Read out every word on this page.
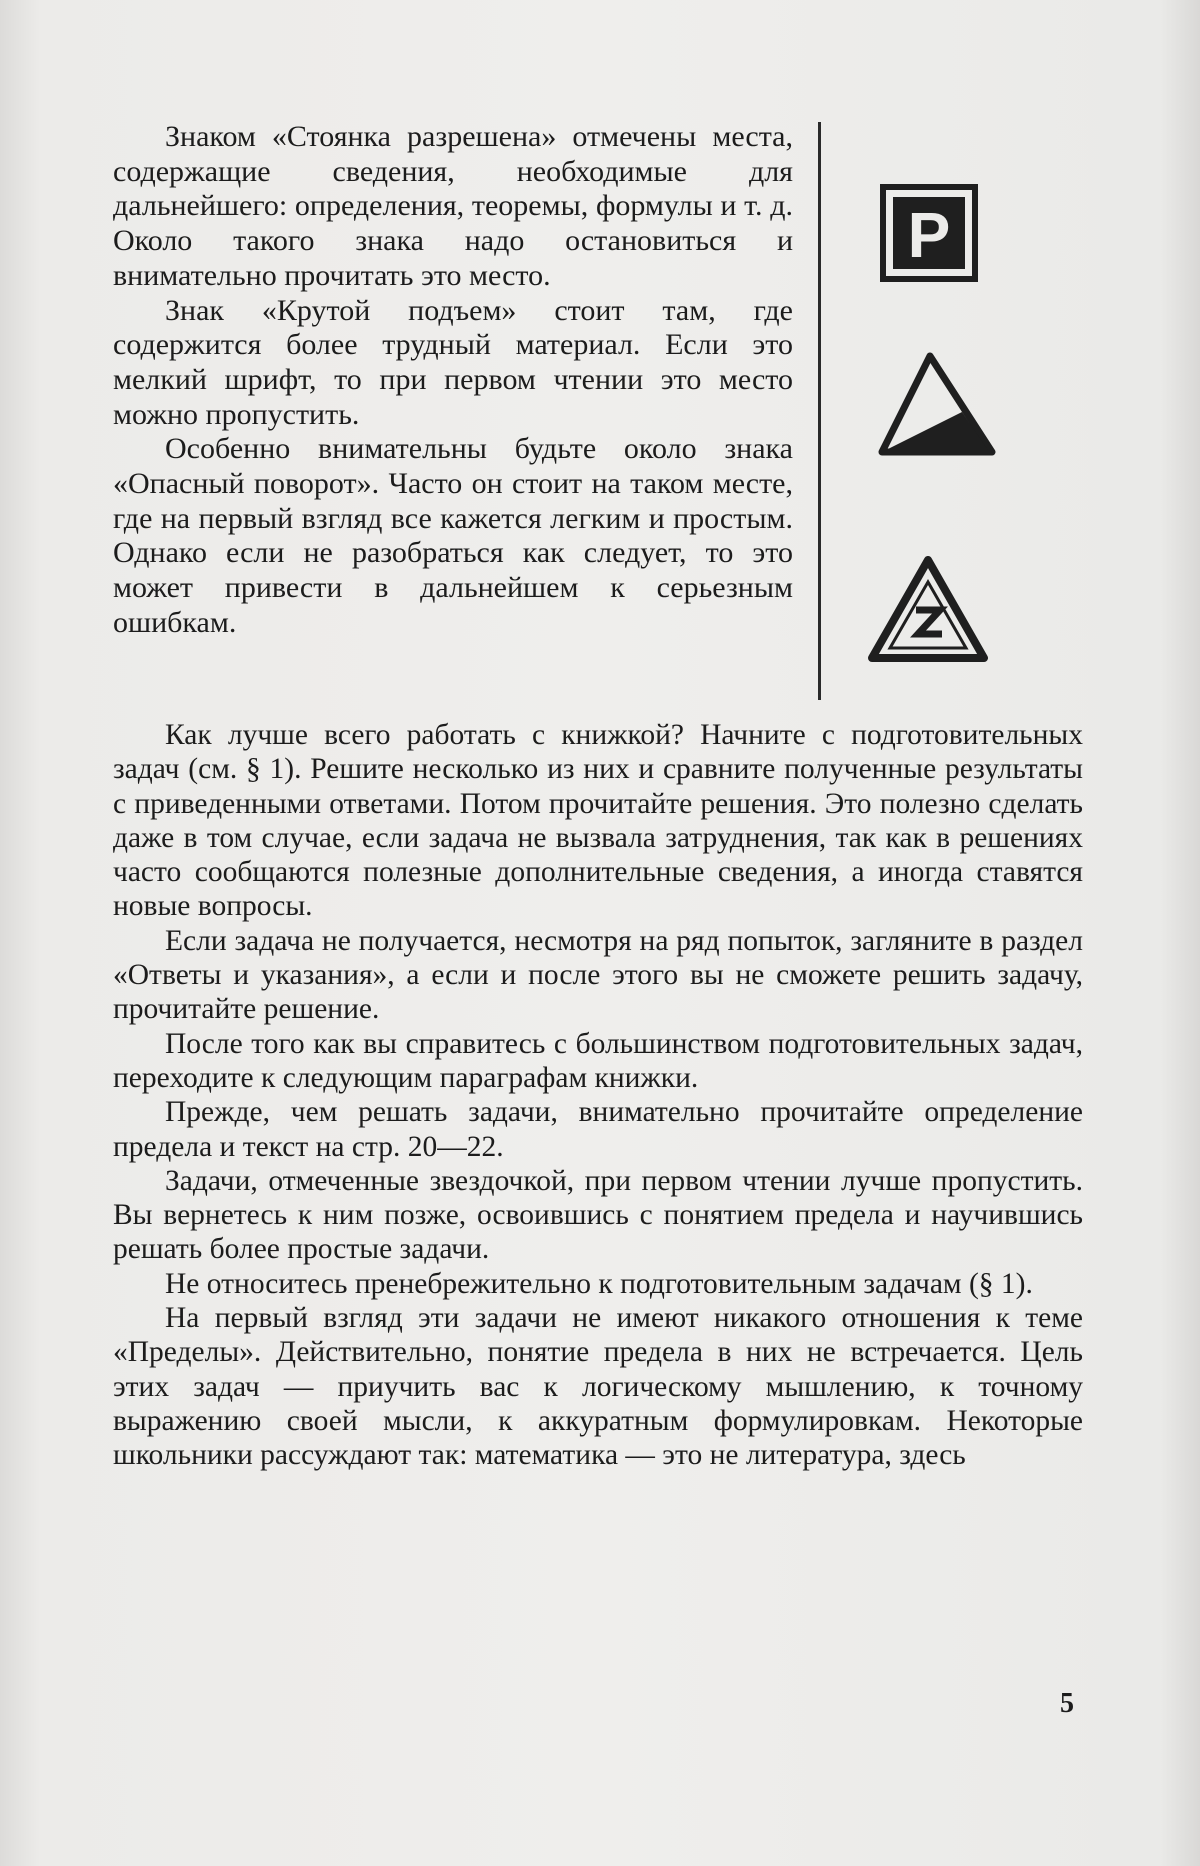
Знаком «Стоянка разрешена» отмечены места, содержащие сведения, необходимые для дальнейшего: определения, теоремы, формулы и т. д. Около такого знака надо остановиться и внимательно прочитать это место.

Знак «Крутой подъем» стоит там, где содержится более трудный материал. Если это мелкий шрифт, то при первом чтении это место можно пропустить.

Особенно внимательны будьте около знака «Опасный поворот». Часто он стоит на таком месте, где на первый взгляд все кажется легким и простым. Однако если не разобраться как следует, то это может привести в дальнейшем к серьезным ошибкам.

P

Как лучше всего работать с книжкой? Начните с подготовительных задач (см. § 1). Решите несколько из них и сравните полученные результаты с приведенными ответами. Потом прочитайте решения. Это полезно сделать даже в том случае, если задача не вызвала затруднения, так как в решениях часто сообщаются полезные дополнительные сведения, а иногда ставятся новые вопросы.

Если задача не получается, несмотря на ряд попыток, загляните в раздел «Ответы и указания», а если и после этого вы не сможете решить задачу, прочитайте решение.

После того как вы справитесь с большинством подготовительных задач, переходите к следующим параграфам книжки.

Прежде, чем решать задачи, внимательно прочитайте определение предела и текст на стр. 20—22.

Задачи, отмеченные звездочкой, при первом чтении лучше пропустить. Вы вернетесь к ним позже, освоившись с понятием предела и научившись решать более простые задачи.

Не относитесь пренебрежительно к подготовительным задачам (§ 1).

На первый взгляд эти задачи не имеют никакого отношения к теме «Пределы». Действительно, понятие предела в них не встречается. Цель этих задач — приучить вас к логическому мышлению, к точному выражению своей мысли, к аккуратным формулировкам. Некоторые школьники рассуждают так: математика — это не литература, здесь

5
